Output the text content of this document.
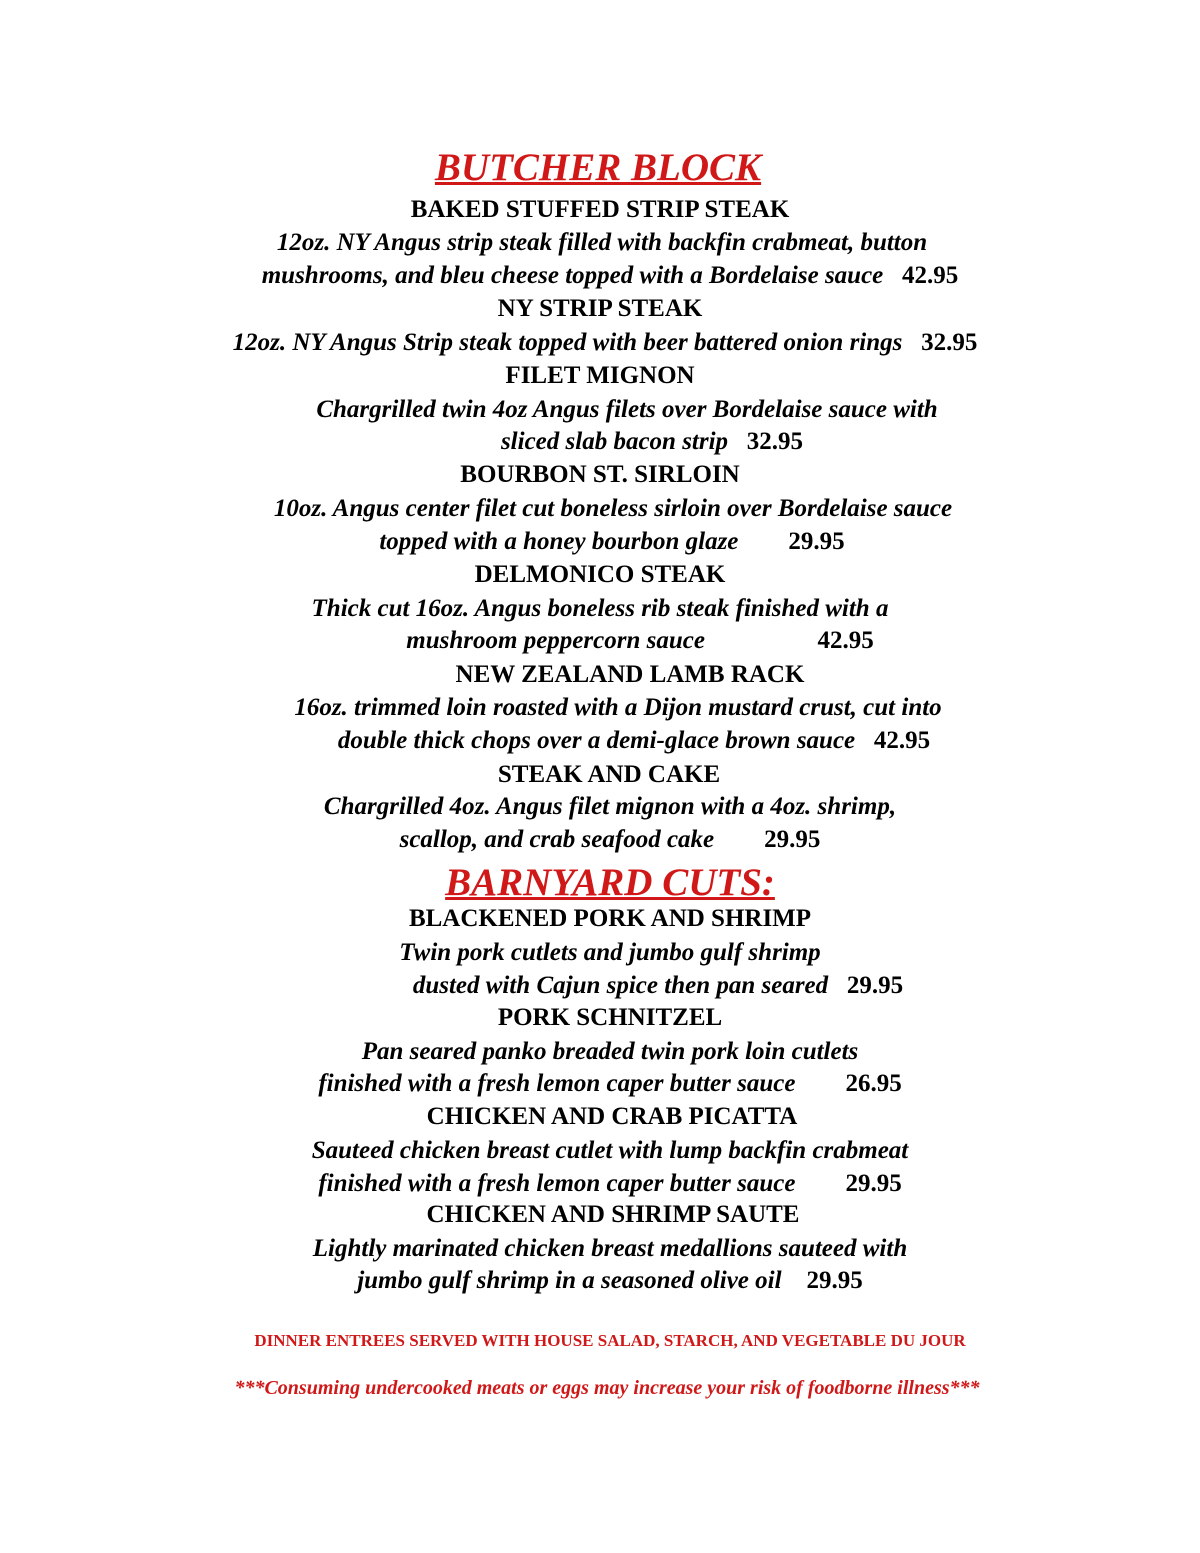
BUTCHER BLOCK
BAKED STUFFED STRIP STEAK
12oz. NY Angus strip steak filled with backfin crabmeat, button
mushrooms, and bleu cheese topped with a Bordelaise sauce 42.95
NY STRIP STEAK
12oz. NY Angus Strip steak topped with beer battered onion rings 32.95
FILET MIGNON
Chargrilled twin 4oz Angus filets over Bordelaise sauce with
sliced slab bacon strip 32.95
BOURBON ST. SIRLOIN
10oz. Angus center filet cut boneless sirloin over Bordelaise sauce
topped with a honey bourbon glaze 29.95
DELMONICO STEAK
Thick cut 16oz. Angus boneless rib steak finished with a
mushroom peppercorn sauce	42.95
NEW ZEALAND LAMB RACK
16oz. trimmed loin roasted with a Dijon mustard crust, cut into
double thick chops over a demi-glace brown sauce 42.95
STEAK AND CAKE
Chargrilled 4oz. Angus filet mignon with a 4oz. shrimp,
scallop, and crab seafood cake 29.95
BARNYARD CUTS:
BLACKENED PORK AND SHRIMP
Twin pork cutlets and jumbo gulf shrimp
dusted with Cajun spice then pan seared 29.95
PORK SCHNITZEL
Pan seared panko breaded twin pork loin cutlets
finished with a fresh lemon caper butter sauce 26.95
CHICKEN AND CRAB PICATTA
Sauteed chicken breast cutlet with lump backfin crabmeat
finished with a fresh lemon caper butter sauce 29.95
CHICKEN AND SHRIMP SAUTE
Lightly marinated chicken breast medallions sauteed with
jumbo gulf shrimp in a seasoned olive oil 29.95
DINNER ENTREES SERVED WITH HOUSE SALAD, STARCH, AND VEGETABLE DU JOUR
***Consuming undercooked meats or eggs may increase your risk of foodborne illness***
